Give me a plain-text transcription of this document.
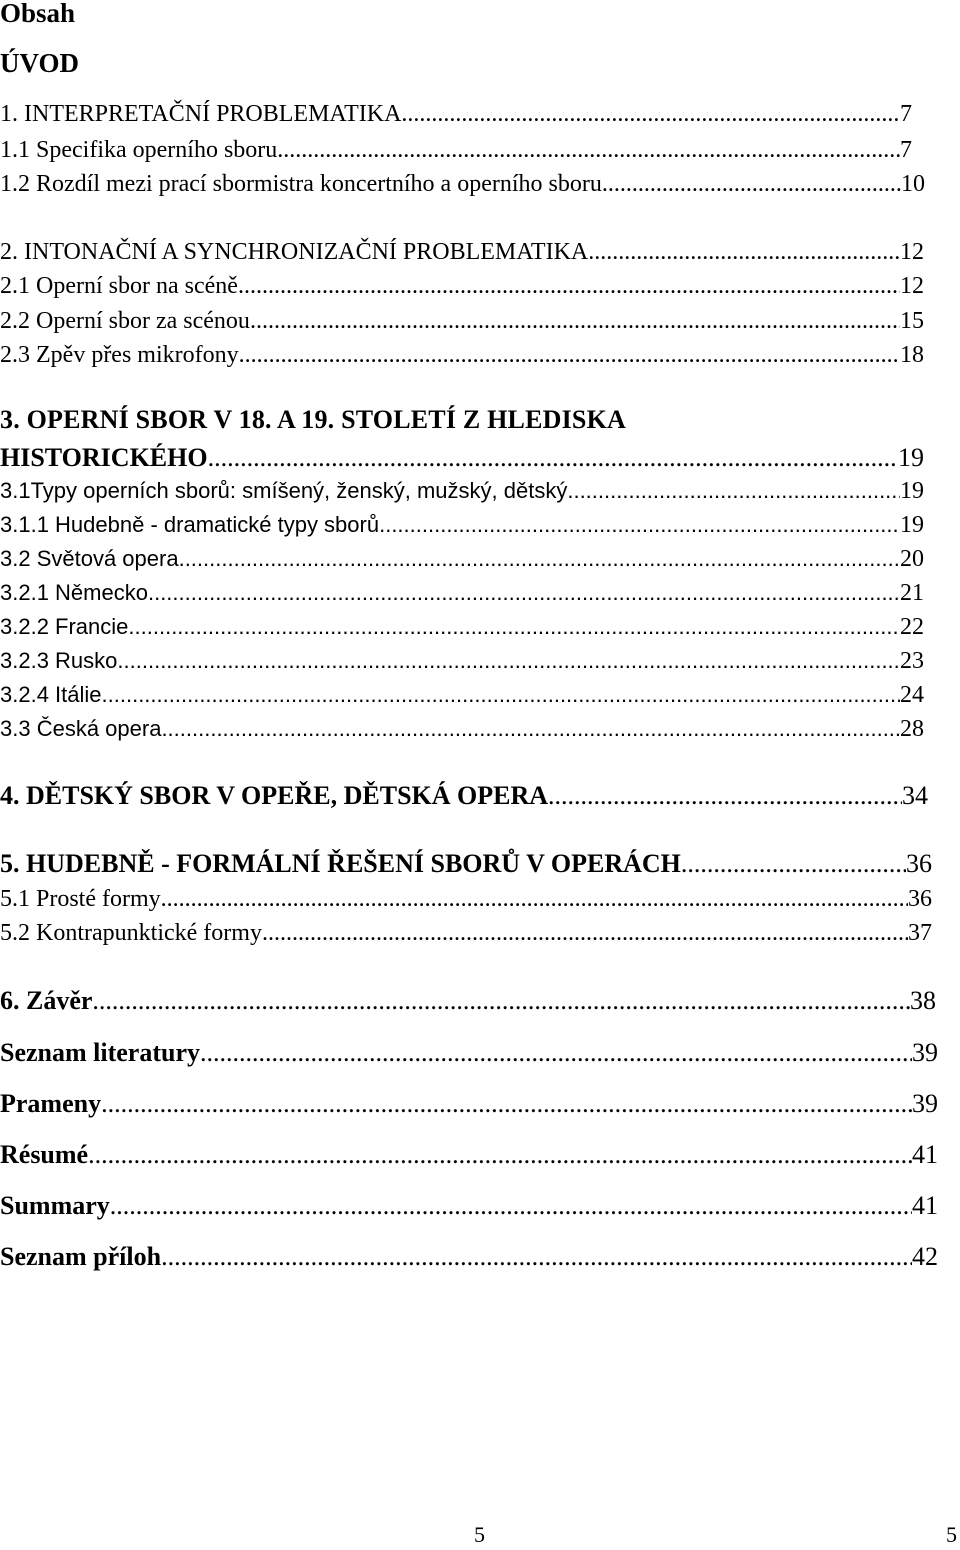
Obsah
ÚVOD
1. INTERPRETAČNÍ PROBLEMATIKA .....	7
1.1 Specifika operního sboru .....	7
1.2 Rozdíl mezi prací sbormistra koncertního a operního sboru .....	10
2. INTONAČNÍ A SYNCHRONIZAČNÍ PROBLEMATIKA .....	12
2.1 Operní sbor na scéně .....	12
2.2 Operní sbor za scénou .....	15
2.3 Zpěv přes mikrofony .....	18
3. OPERNÍ SBOR V 18. A 19. STOLETÍ Z HLEDISKA
HISTORICKÉHO .....	19
3.1Typy operních sborů: smíšený, ženský, mužský, dětský .....	19
3.1.1 Hudebně - dramatické typy sborů .....	19
3.2 Světová opera .....	20
3.2.1 Německo .....	21
3.2.2 Francie .....	22
3.2.3 Rusko .....	23
3.2.4 Itálie .....	24
3.3 Česká opera .....	28
4. DĚTSKÝ SBOR V OPEŘE, DĚTSKÁ OPERA .....	34
5. HUDEBNĚ - FORMÁLNÍ ŘEŠENÍ SBORŮ V OPERÁCH .....	36
5.1 Prosté formy .....	36
5.2 Kontrapunktické formy .....	37
6. Závěr .....	38
Seznam literatury .....	39
Prameny .....	39
Résumé .....	41
Summary .....	41
Seznam příloh .....	42
5	5
